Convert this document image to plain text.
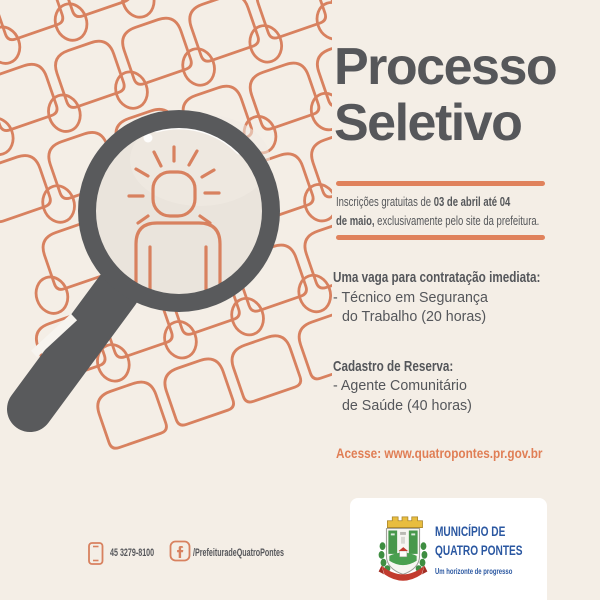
Processo
Seletivo
Inscrições gratuitas de 03 de abril até 04
de maio, exclusivamente pelo site da prefeitura.
Uma vaga para contratação imediata:
- Técnico em Segurança
do Trabalho (20 horas)
Cadastro de Reserva:
- Agente Comunitário
de Saúde (40 horas)
Acesse: www.quatropontes.pr.gov.br
45 3279-8100	/PrefeituradeQuatroPontes
MUNICÍPIO DE
QUATRO PONTES
Um horizonte de progresso
